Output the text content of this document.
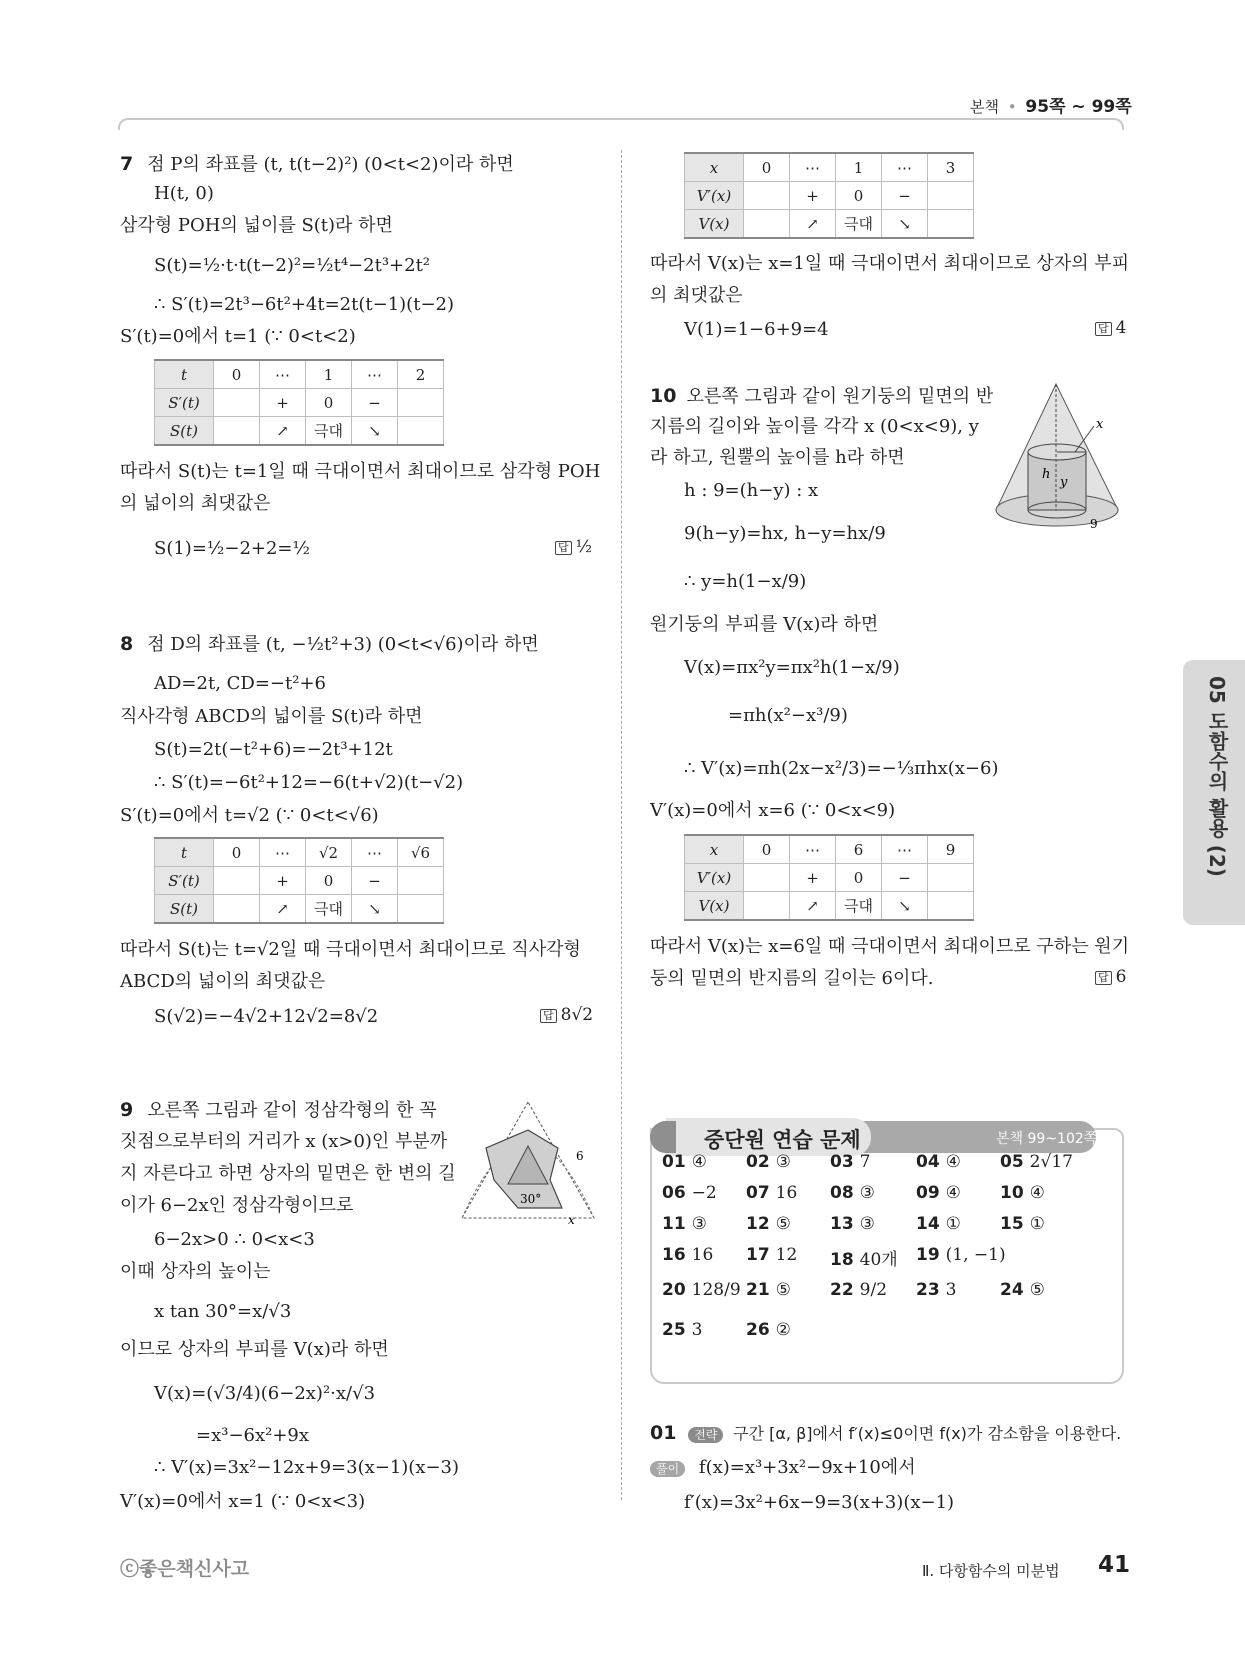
본책 • 95쪽 ~ 99쪽
05 도함수의 활용 (2)
7 점 P의 좌표를 (t, t(t−2)²) (0<t<2)이라 하면
H(t, 0)
삼각형 POH의 넓이를 S(t)라 하면
S(t)=½·t·t(t−2)²=½t⁴−2t³+2t²
∴ S′(t)=2t³−6t²+4t=2t(t−1)(t−2)
S′(t)=0에서 t=1 (∵ 0<t<2)
t	0	⋯	1	⋯	2
S′(t)		+	0	−	
S(t)		↗	극대	↘	
따라서 S(t)는 t=1일 때 극대이면서 최대이므로 삼각형 POH
의 넓이의 최댓값은
S(1)=½−2+2=½	답 ½
8 점 D의 좌표를 (t, −½t²+3) (0<t<√6)이라 하면
AD=2t, CD=−t²+6
직사각형 ABCD의 넓이를 S(t)라 하면
S(t)=2t(−t²+6)=−2t³+12t
∴ S′(t)=−6t²+12=−6(t+√2)(t−√2)
S′(t)=0에서 t=√2 (∵ 0<t<√6)
t	0	⋯	√2	⋯	√6
S′(t)		+	0	−	
S(t)		↗	극대	↘	
따라서 S(t)는 t=√2일 때 극대이면서 최대이므로 직사각형
ABCD의 넓이의 최댓값은
S(√2)=−4√2+12√2=8√2	답 8√2
9 오른쪽 그림과 같이 정삼각형의 한 꼭
짓점으로부터의 거리가 x (x>0)인 부분까
지 자른다고 하면 상자의 밑면은 한 변의 길
이가 6−2x인 정삼각형이므로
6−2x>0 ∴ 0<x<3
이때 상자의 높이는
x tan 30°=x/√3
이므로 상자의 부피를 V(x)라 하면
V(x)=(√3/4)(6−2x)²·x/√3
=x³−6x²+9x
∴ V′(x)=3x²−12x+9=3(x−1)(x−3)
V′(x)=0에서 x=1 (∵ 0<x<3)
30°
6
x
x	0	⋯	1	⋯	3
V′(x)		+	0	−	
V(x)		↗	극대	↘	
따라서 V(x)는 x=1일 때 극대이면서 최대이므로 상자의 부피
의 최댓값은
V(1)=1−6+9=4	답 4
10 오른쪽 그림과 같이 원기둥의 밑면의 반
지름의 길이와 높이를 각각 x (0<x<9), y
라 하고, 원뿔의 높이를 h라 하면
h : 9=(h−y) : x
9(h−y)=hx, h−y=hx/9
∴ y=h(1−x/9)
원기둥의 부피를 V(x)라 하면
V(x)=πx²y=πx²h(1−x/9)
=πh(x²−x³/9)
∴ V′(x)=πh(2x−x²/3)=−⅓πhx(x−6)
V′(x)=0에서 x=6 (∵ 0<x<9)
x	0	⋯	6	⋯	9
V′(x)		+	0	−	
V(x)		↗	극대	↘	
따라서 V(x)는 x=6일 때 극대이면서 최대이므로 구하는 원기
둥의 밑면의 반지름의 길이는 6이다.	답 6
x
h
y
9
중단원 연습 문제	본책 99~102쪽
01 ④ 02 ③ 03 7	04 ④ 05 2√17
06 −2 07 16 08 ③ 09 ④ 10 ④
11 ③ 12 ⑤ 13 ③ 14 ① 15 ①
16 16 17 12 18 40개 19 (1, −1)
20 128/9 21 ⑤ 22 9/2 23 3	24 ⑤
25 3	26 ②
01 전략 구간 [α, β]에서 f′(x)≤0이면 f(x)가 감소함을 이용한다.
풀이 f(x)=x³+3x²−9x+10에서
f′(x)=3x²+6x−9=3(x+3)(x−1)
ⓒ좋은책신사고	Ⅱ. 다항함수의 미분법 41
